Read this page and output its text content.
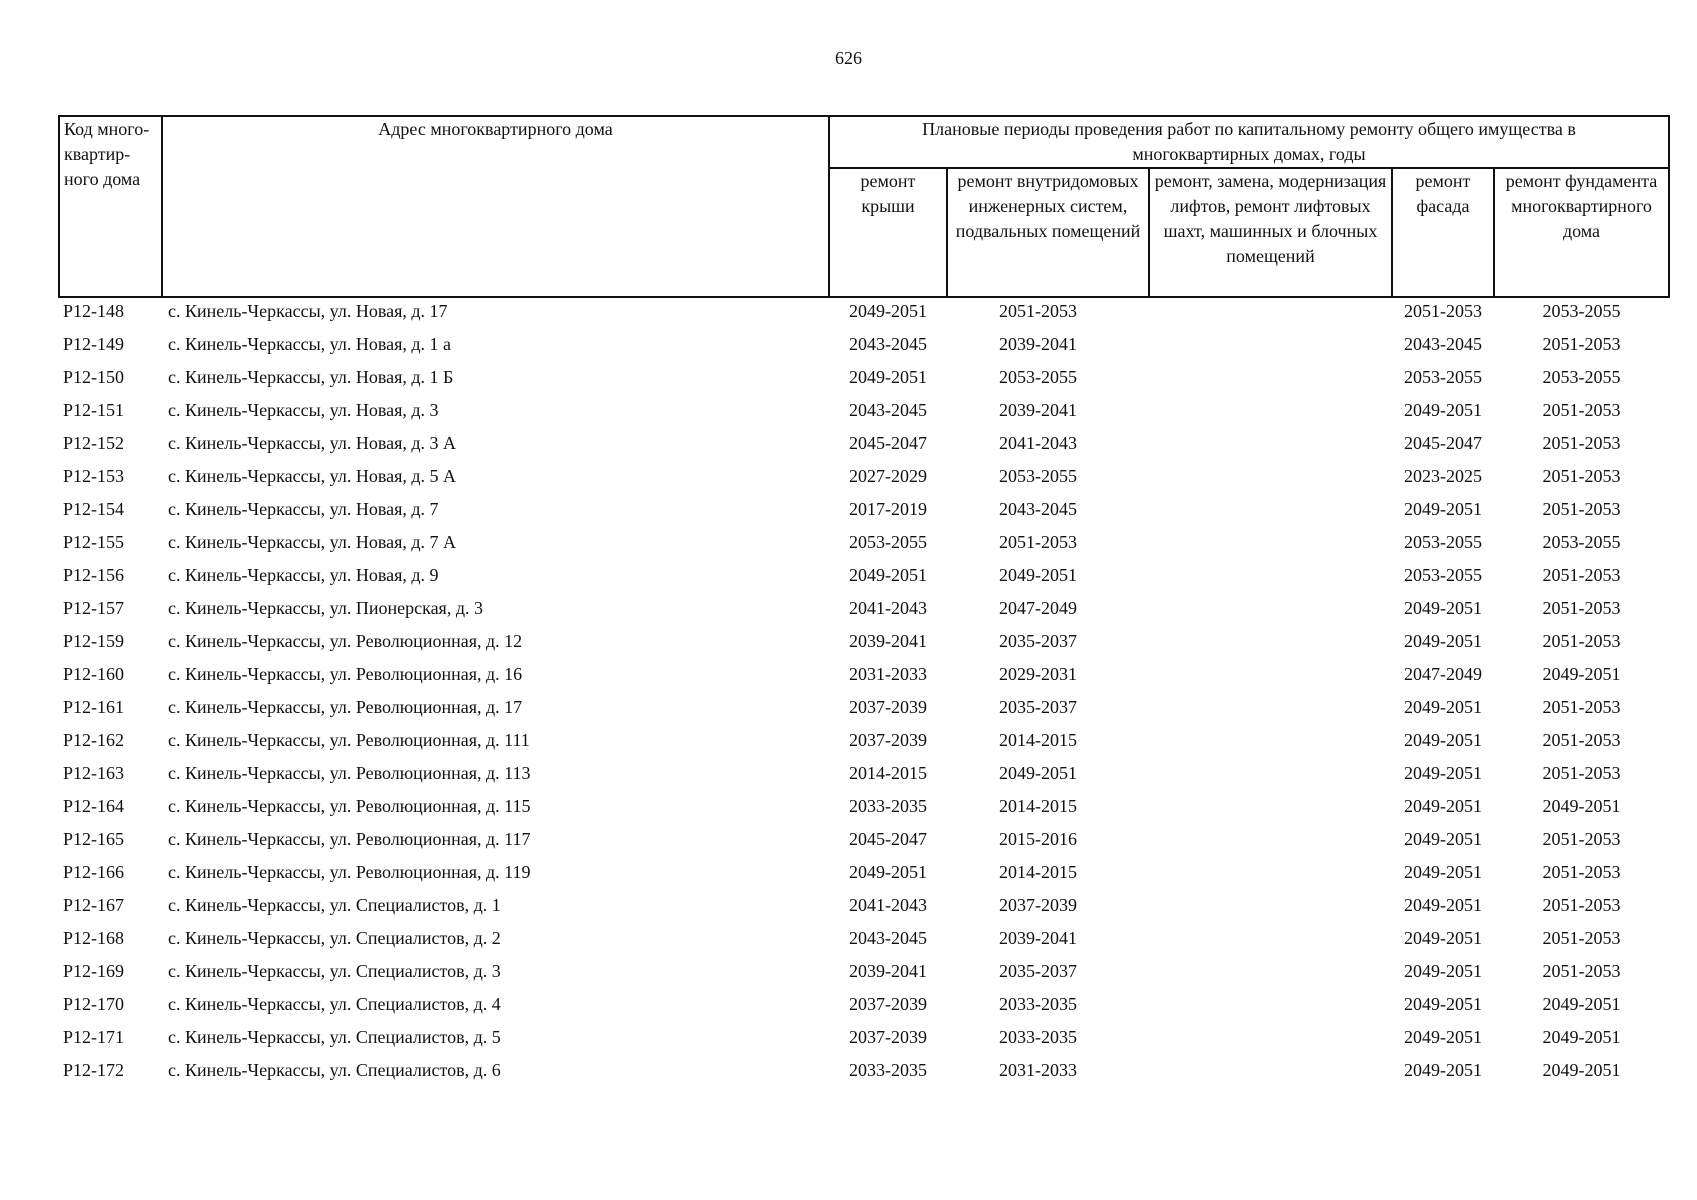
626
Код много-квартир-ного дома	Адрес многоквартирного дома	Плановые периоды проведения работ по капитальному ремонту общего имущества в многоквартирных домах, годы				
		ремонт крыши	ремонт внутридомовых инженерных систем, подвальных помещений	ремонт, замена, модернизация лифтов, ремонт лифтовых шахт, машинных и блочных помещений	ремонт фасада	ремонт фундамента многоквартирного дома
Р12-148	с. Кинель-Черкассы, ул. Новая, д. 17	2049-2051	2051-2053		2051-2053	2053-2055
Р12-149	с. Кинель-Черкассы, ул. Новая, д. 1 а	2043-2045	2039-2041		2043-2045	2051-2053
Р12-150	с. Кинель-Черкассы, ул. Новая, д. 1 Б	2049-2051	2053-2055		2053-2055	2053-2055
Р12-151	с. Кинель-Черкассы, ул. Новая, д. 3	2043-2045	2039-2041		2049-2051	2051-2053
Р12-152	с. Кинель-Черкассы, ул. Новая, д. 3 А	2045-2047	2041-2043		2045-2047	2051-2053
Р12-153	с. Кинель-Черкассы, ул. Новая, д. 5 А	2027-2029	2053-2055		2023-2025	2051-2053
Р12-154	с. Кинель-Черкассы, ул. Новая, д. 7	2017-2019	2043-2045		2049-2051	2051-2053
Р12-155	с. Кинель-Черкассы, ул. Новая, д. 7 А	2053-2055	2051-2053		2053-2055	2053-2055
Р12-156	с. Кинель-Черкассы, ул. Новая, д. 9	2049-2051	2049-2051		2053-2055	2051-2053
Р12-157	с. Кинель-Черкассы, ул. Пионерская, д. 3	2041-2043	2047-2049		2049-2051	2051-2053
Р12-159	с. Кинель-Черкассы, ул. Революционная, д. 12	2039-2041	2035-2037		2049-2051	2051-2053
Р12-160	с. Кинель-Черкассы, ул. Революционная, д. 16	2031-2033	2029-2031		2047-2049	2049-2051
Р12-161	с. Кинель-Черкассы, ул. Революционная, д. 17	2037-2039	2035-2037		2049-2051	2051-2053
Р12-162	с. Кинель-Черкассы, ул. Революционная, д. 111	2037-2039	2014-2015		2049-2051	2051-2053
Р12-163	с. Кинель-Черкассы, ул. Революционная, д. 113	2014-2015	2049-2051		2049-2051	2051-2053
Р12-164	с. Кинель-Черкассы, ул. Революционная, д. 115	2033-2035	2014-2015		2049-2051	2049-2051
Р12-165	с. Кинель-Черкассы, ул. Революционная, д. 117	2045-2047	2015-2016		2049-2051	2051-2053
Р12-166	с. Кинель-Черкассы, ул. Революционная, д. 119	2049-2051	2014-2015		2049-2051	2051-2053
Р12-167	с. Кинель-Черкассы, ул. Специалистов, д. 1	2041-2043	2037-2039		2049-2051	2051-2053
Р12-168	с. Кинель-Черкассы, ул. Специалистов, д. 2	2043-2045	2039-2041		2049-2051	2051-2053
Р12-169	с. Кинель-Черкассы, ул. Специалистов, д. 3	2039-2041	2035-2037		2049-2051	2051-2053
Р12-170	с. Кинель-Черкассы, ул. Специалистов, д. 4	2037-2039	2033-2035		2049-2051	2049-2051
Р12-171	с. Кинель-Черкассы, ул. Специалистов, д. 5	2037-2039	2033-2035		2049-2051	2049-2051
Р12-172	с. Кинель-Черкассы, ул. Специалистов, д. 6	2033-2035	2031-2033		2049-2051	2049-2051
